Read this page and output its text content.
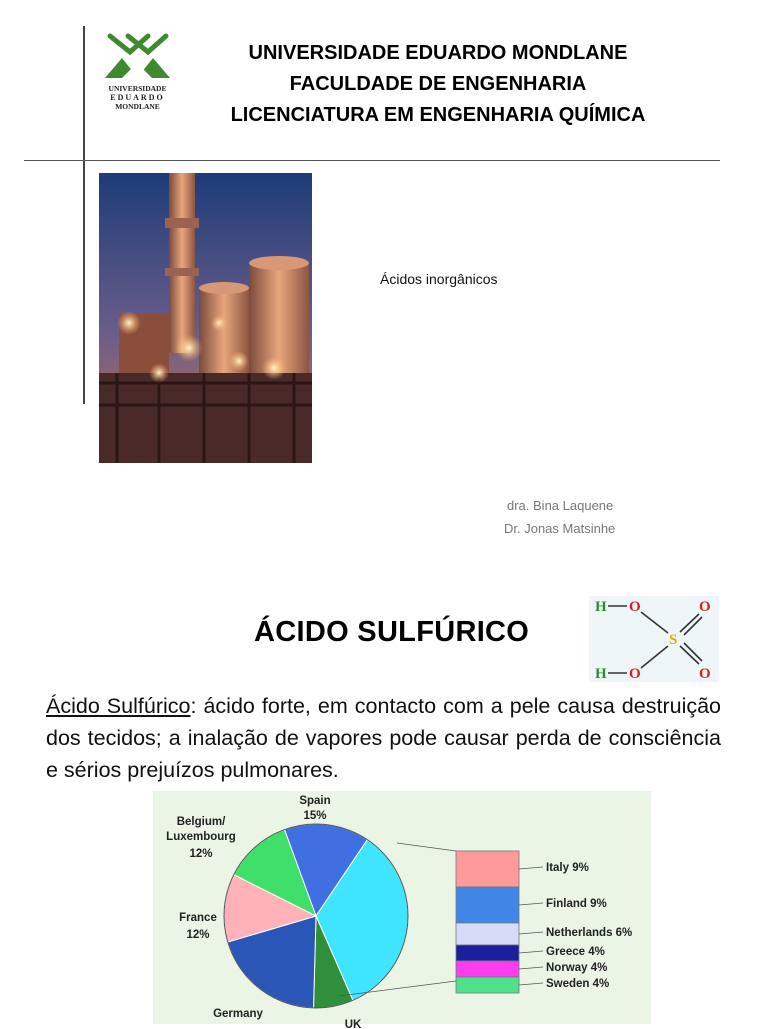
UNIVERSIDADE
EDUARDO
MONDLANE
UNIVERSIDADE EDUARDO MONDLANE
FACULDADE DE ENGENHARIA
LICENCIATURA EM ENGENHARIA QUÍMICA
Ácidos inorgânicos
dra. Bina Laquene
Dr. Jonas Matsinhe
ÁCIDO SULFÚRICO
H
H
O
O
O
O
S
Ácido Sulfúrico: ácido forte, em contacto com a pele causa destruição dos tecidos; a inalação de vapores pode causar perda de consciência e sérios prejuízos pulmonares.
Italy 9%
Finland 9%
Netherlands 6%
Greece 4%
Norway 4%
Sweden 4%
Spain
15%
Belgium/
Luxembourg
12%
France
12%
Germany
UK
